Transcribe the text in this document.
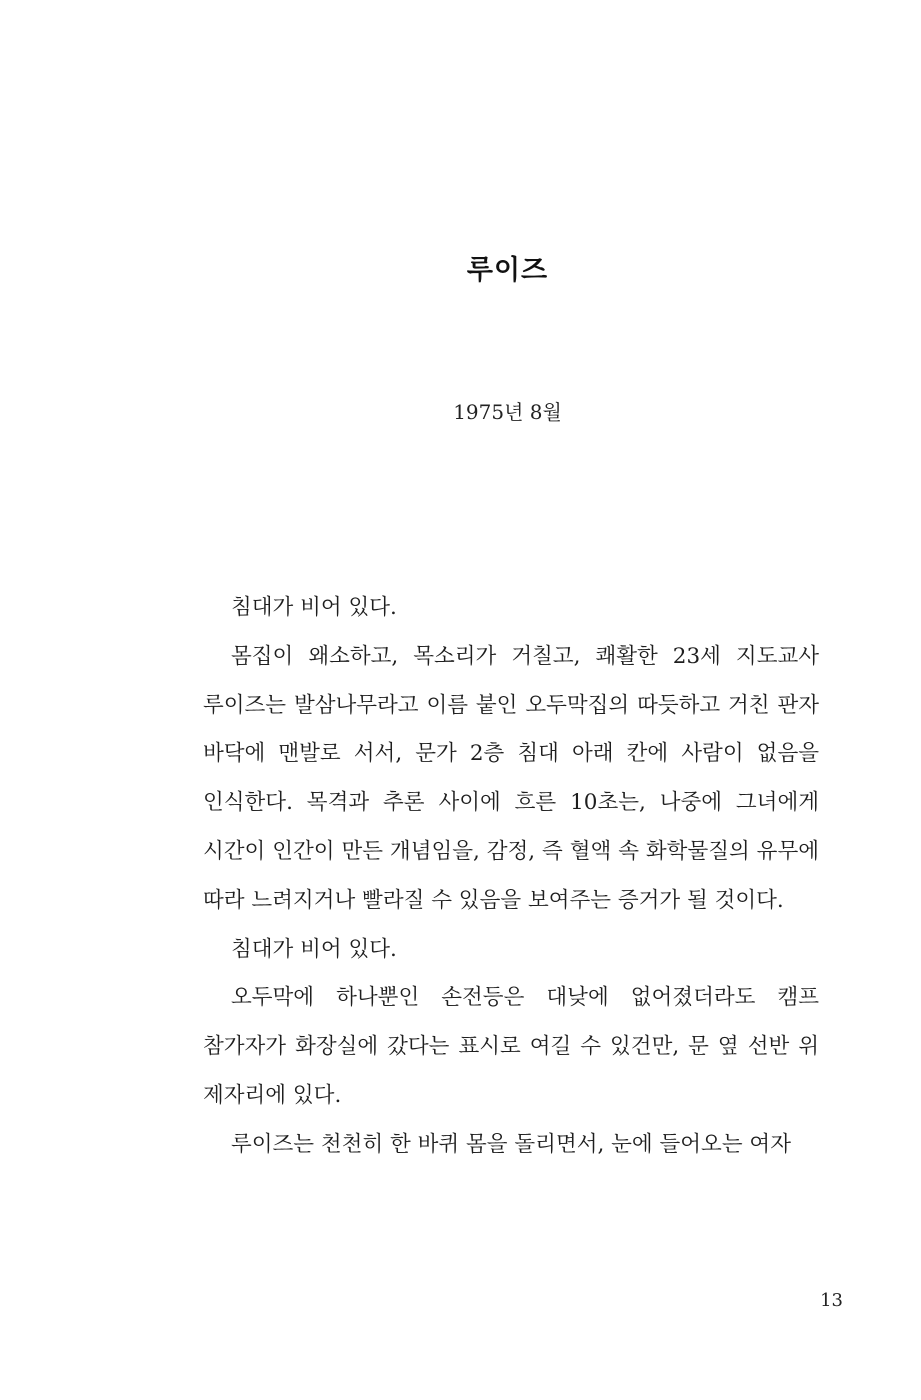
루이즈
1975년 8월

침대가 비어 있다.

몸집이 왜소하고, 목소리가 거칠고, 쾌활한 23세 지도교사 루이즈는 발삼나무라고 이름 붙인 오두막집의 따듯하고 거친 판자 바닥에 맨발로 서서, 문가 2층 침대 아래 칸에 사람이 없음을 인식한다. 목격과 추론 사이에 흐른 10초는, 나중에 그녀에게 시간이 인간이 만든 개념임을, 감정, 즉 혈액 속 화학물질의 유무에 따라 느려지거나 빨라질 수 있음을 보여주는 증거가 될 것이다.

침대가 비어 있다.

오두막에 하나뿐인 손전등은 대낮에 없어졌더라도 캠프 참가자가 화장실에 갔다는 표시로 여길 수 있건만, 문 옆 선반 위 제자리에 있다.

루이즈는 천천히 한 바퀴 몸을 돌리면서, 눈에 들어오는 여자

13
